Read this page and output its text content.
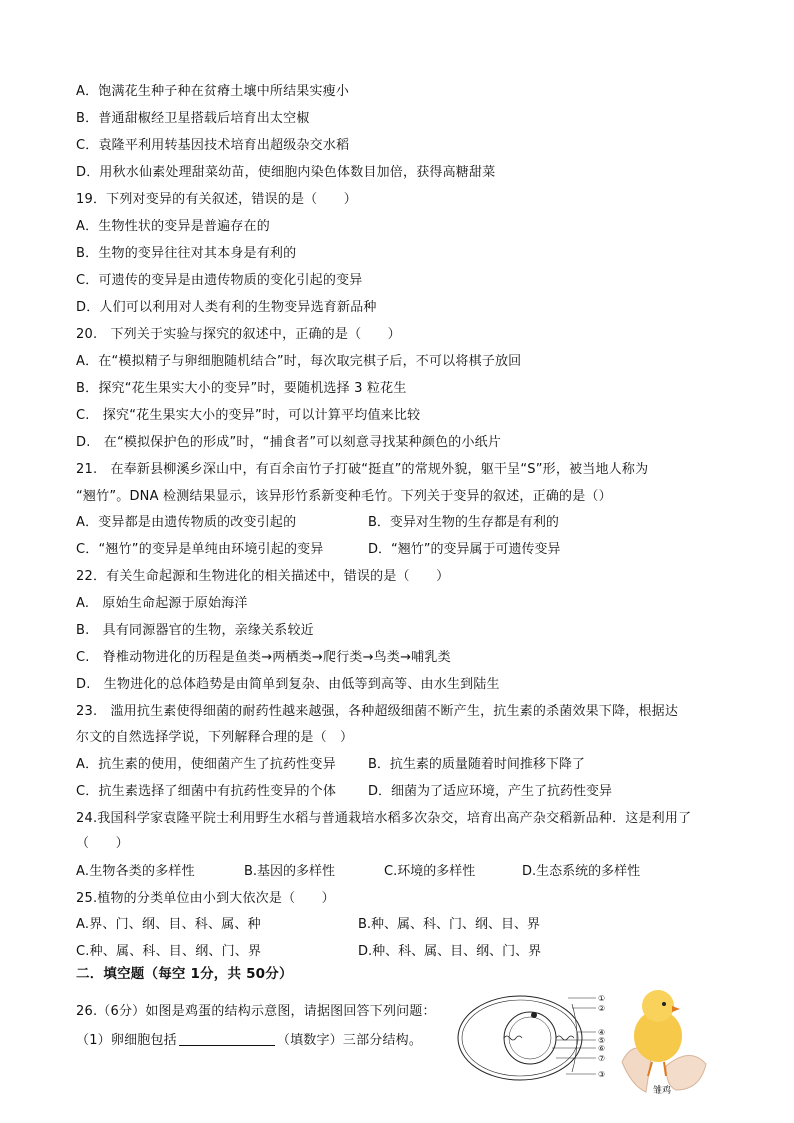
A．饱满花生种子种在贫瘠土壤中所结果实瘦小

B．普通甜椒经卫星搭载后培育出太空椒

C．袁隆平利用转基因技术培育出超级杂交水稻

D．用秋水仙素处理甜菜幼苗，使细胞内染色体数目加倍，获得高糖甜菜

19．下列对变异的有关叙述，错误的是（　　）

A．生物性状的变异是普遍存在的

B．生物的变异往往对其本身是有利的

C．可遗传的变异是由遗传物质的变化引起的变异

D．人们可以利用对人类有利的生物变异选育新品种

20.　下列关于实验与探究的叙述中，正确的是（　　）

A．在“模拟精子与卵细胞随机结合”时，每次取完棋子后，不可以将棋子放回

B．探究“花生果实大小的变异”时，要随机选择 3 粒花生

C.　探究“花生果实大小的变异”时，可以计算平均值来比较

D.　在“模拟保护色的形成”时，“捕食者”可以刻意寻找某种颜色的小纸片

21.　在奉新县柳溪乡深山中，有百余亩竹子打破“挺直”的常规外貌，躯干呈“S”形，被当地人称为

“翘竹”。DNA 检测结果显示，该异形竹系新变种毛竹。下列关于变异的叙述，正确的是（）

A．变异都是由遗传物质的改变引起的	B．变异对生物的生存都是有利的

C．“翘竹”的变异是单纯由环境引起的变异	D．“翘竹”的变异属于可遗传变异

22．有关生命起源和生物进化的相关描述中，错误的是（　　）

A.　原始生命起源于原始海洋

B.　具有同源器官的生物，亲缘关系较近

C.　脊椎动物进化的历程是鱼类→两栖类→爬行类→鸟类→哺乳类

D.　生物进化的总体趋势是由简单到复杂、由低等到高等、由水生到陆生

23.　滥用抗生素使得细菌的耐药性越来越强，各种超级细菌不断产生，抗生素的杀菌效果下降，根据达

尔文的自然选择学说，下列解释合理的是（　）

A．抗生素的使用，使细菌产生了抗药性变异 B．抗生素的质量随着时间推移下降了

C．抗生素选择了细菌中有抗药性变异的个体 D．细菌为了适应环境，产生了抗药性变异

24.我国科学家袁隆平院士利用野生水稻与普通栽培水稻多次杂交，培育出高产杂交稻新品种．这是利用了

（　　）

A.生物各类的多样性	B.基因的多样性	C.环境的多样性	D.生态系统的多样性

25.植物的分类单位由小到大依次是（　　）

A.界、门、纲、目、科、属、种	B.种、属、科、门、纲、目、界

C.种、属、科、目、纲、门、界	D.种、科、属、目、纲、门、界

二．填空题（每空 1分，共 50分）

26.（6分）如图是鸡蛋的结构示意图，请据图回答下列问题：

（1）卵细胞包括	（填数字）三部分结构。

①
②
④
⑤
⑥
⑦
③

雏鸡
